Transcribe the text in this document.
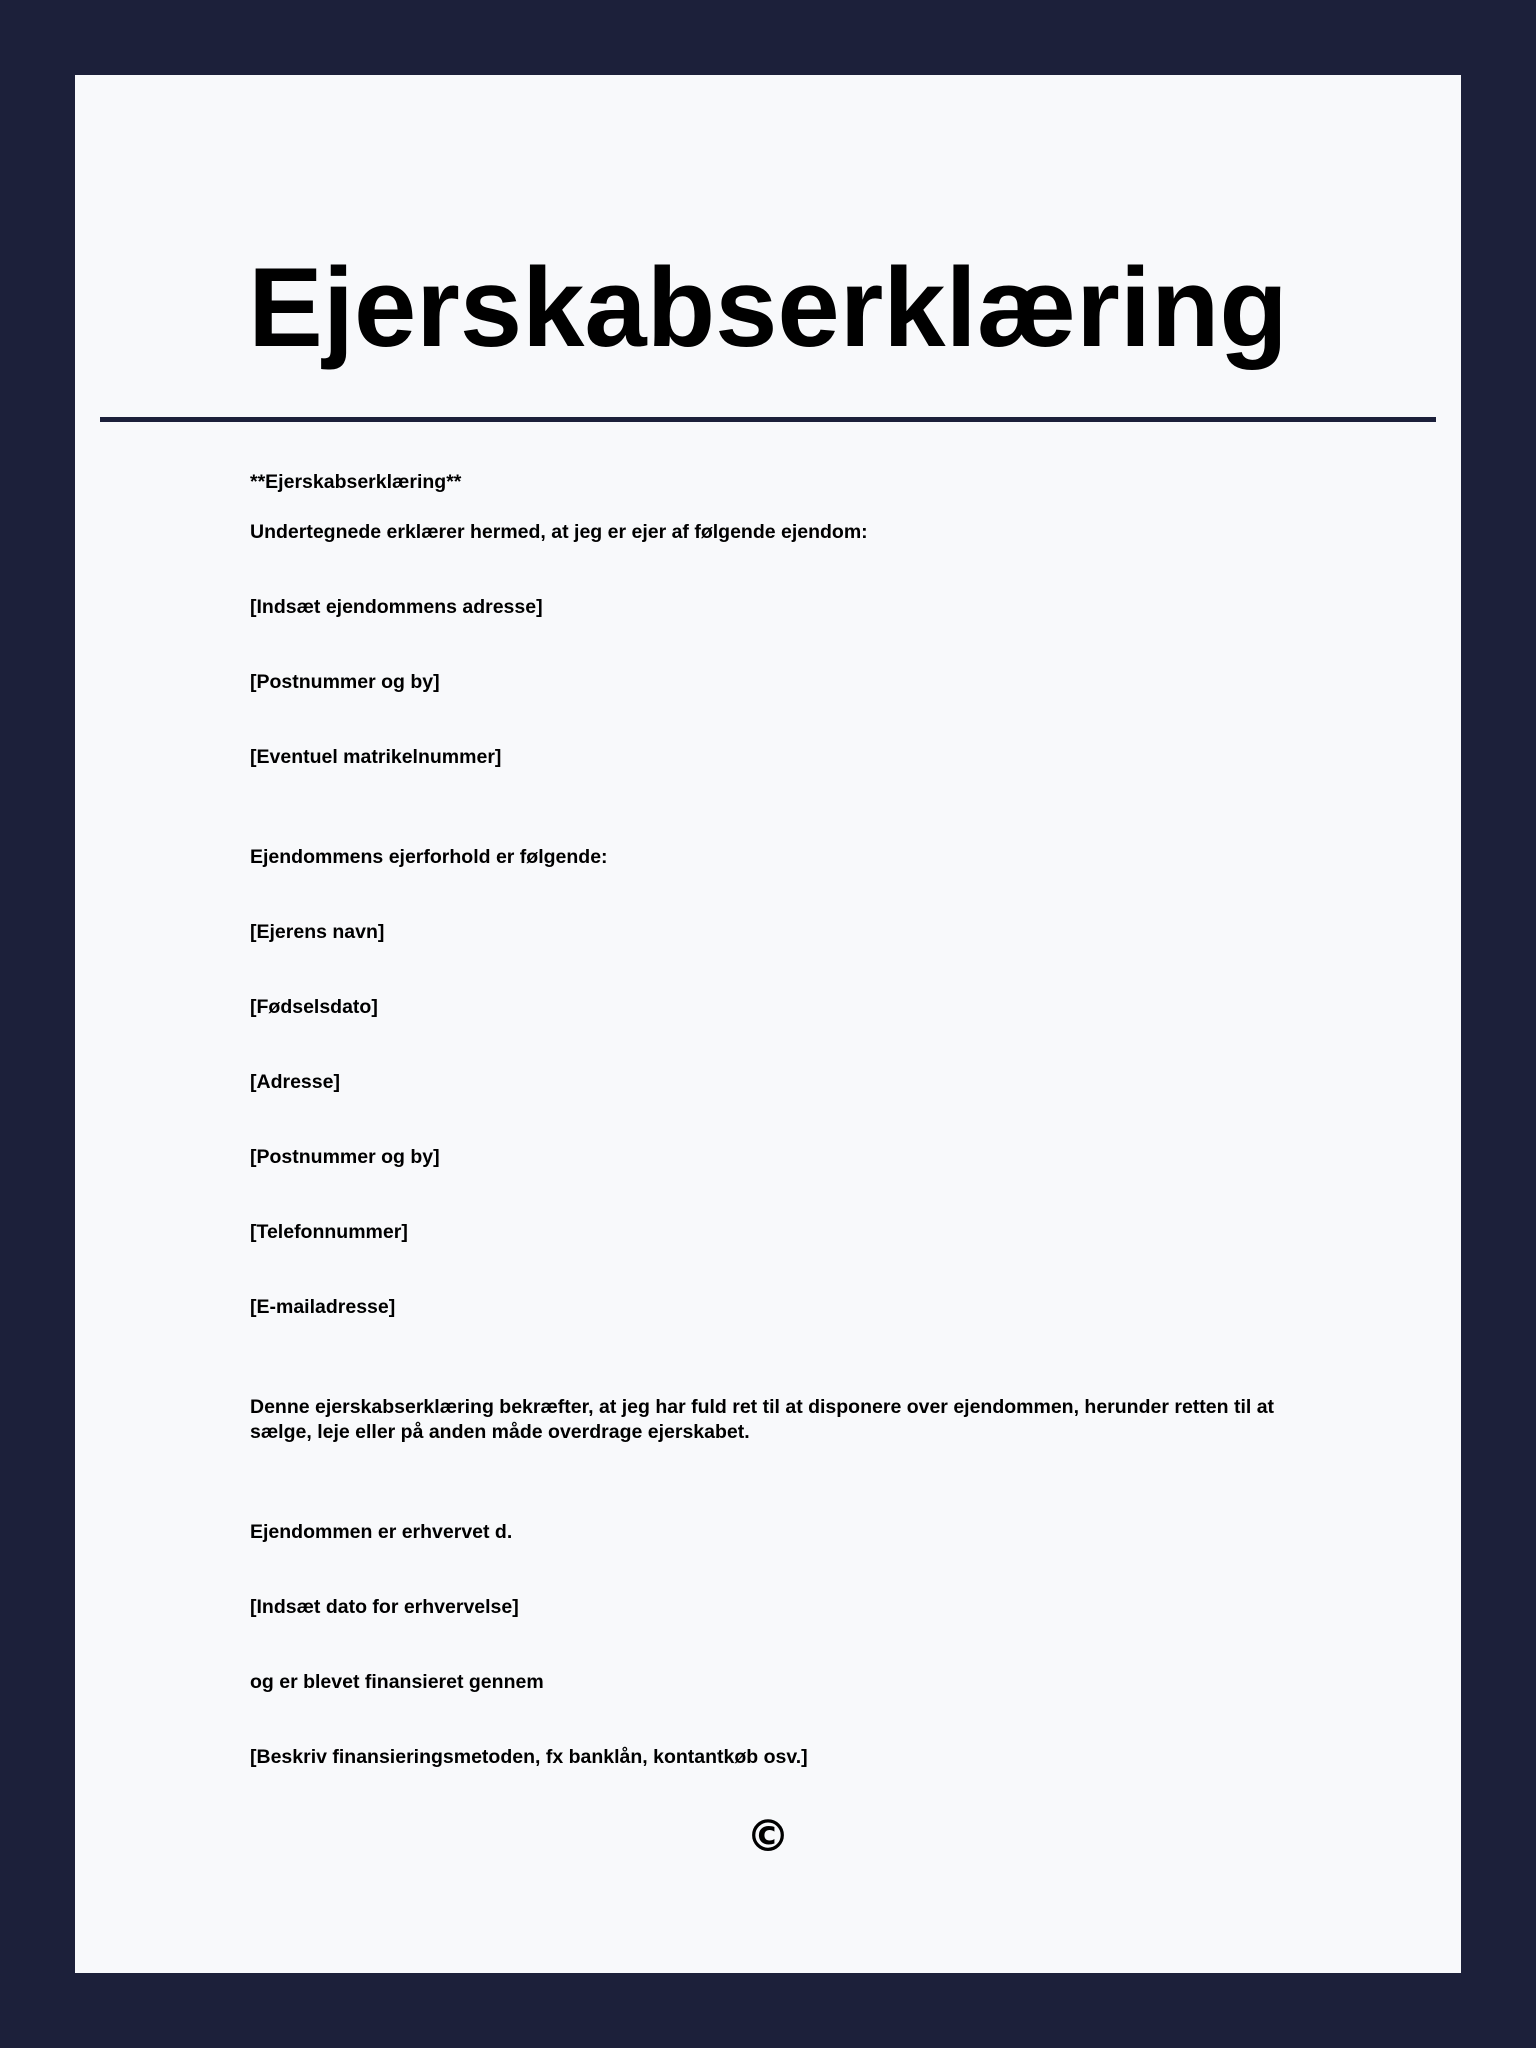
Ejerskabserklæring

**Ejerskabserklæring**

Undertegnede erklærer hermed, at jeg er ejer af følgende ejendom:

[Indsæt ejendommens adresse]

[Postnummer og by]

[Eventuel matrikelnummer]

Ejendommens ejerforhold er følgende:

[Ejerens navn]

[Fødselsdato]

[Adresse]

[Postnummer og by]

[Telefonnummer]

[E-mailadresse]

Denne ejerskabserklæring bekræfter, at jeg har fuld ret til at disponere over ejendommen, herunder retten til at sælge, leje eller på anden måde overdrage ejerskabet.

Ejendommen er erhvervet d.

[Indsæt dato for erhvervelse]

og er blevet finansieret gennem

[Beskriv finansieringsmetoden, fx banklån, kontantkøb osv.]

©
